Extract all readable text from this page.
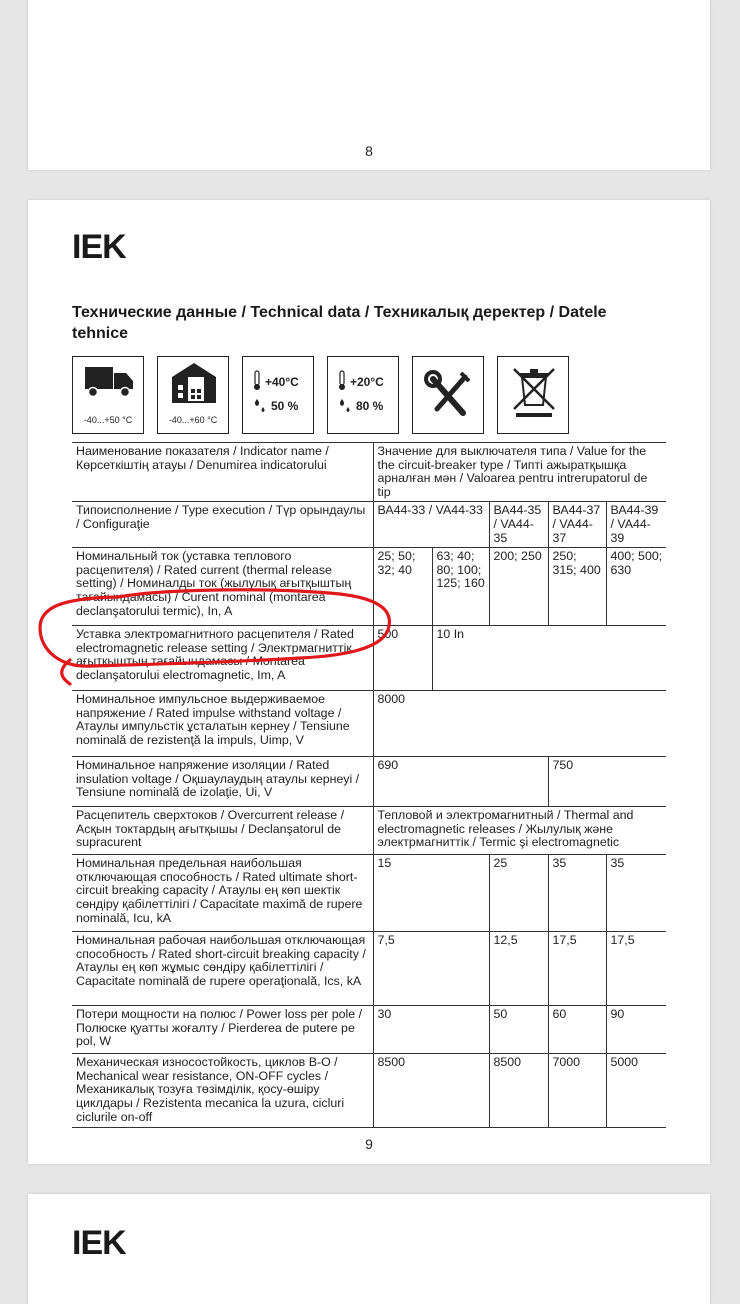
8
IEK
Технические данные / Technical data / Техникалық деректер / Datele tehnice
-40...+50 °C	-40...+60 °C
+40°C
50 %
+20°C
80 %
Наименование показателя / Indicator name / Көрсеткіштің атауы / Denumirea indicatorului	Значение для выключателя типа / Value for the the circuit-breaker type / Типті ажыратқышқа арналған мән / Valoarea pentru intrerupatorul de tip				
Типоисполнение / Type execution / Түр орындаулы / Configuraţie	ВА44-33 / VA44-33		ВА44-35 / VA44-35	ВА44-37 / VA44-37	ВА44-39 / VA44-39
Номинальный ток (уставка теплового расцепителя) / Rated current (thermal release setting) / Номиналды ток (жылулық ағытқыштың тағайындамасы) / Curent nominal (montarea declanşatorului termic), In, A	25; 50; 32; 40	63; 40; 80; 100; 125; 160	200; 250	250; 315; 400	400; 500; 630
Уставка электромагнитного расцепителя / Rated electromagnetic release setting / Электрмагниттік ағытқыштың тағайындамасы / Montarea declanşatorului electromagnetic, Im, A	500	10 In			
Номинальное импульсное выдерживаемое напряжение / Rated impulse withstand voltage / Атаулы импульстік ұсталатын кернеу / Tensiune nominală de rezistenţă la impuls, Uimp, V	8000				
Номинальное напряжение изоляции / Rated insulation voltage / Оқшаулаудың атаулы кернеуі / Tensiune nominală de izolaţie, Ui, V	690			750	
Расцепитель сверхтоков / Overcurrent release / Асқын токтардың ағытқышы / Declanşatorul de supracurent	Тепловой и электромагнитный / Thermal and electromagnetic releases / Жылулық және электрмагниттік / Termic şi electromagnetic				
Номинальная предельная наибольшая отключающая способность / Rated ultimate short-circuit breaking capacity / Атаулы ең көп шектік сөндіру қабілеттілігі / Capacitate maximă de rupere nominală, Icu, kA	15		25	35	35
Номинальная рабочая наибольшая отключающая способность / Rated short-circuit breaking capacity / Атаулы ең көп жұмыс сөндіру қабілеттілігі / Capacitate nominală de rupere operaţională, Ics, kA	7,5		12,5	17,5	17,5
Потери мощности на полюс / Power loss per pole / Полюске қуатты жоғалту / Pierderea de putere pe pol, W	30		50	60	90
Механическая износостойкость, циклов В-О / Mechanical wear resistance, ON-OFF cycles / Механикалық тозуға төзімділік, қосу-өшіру циклдары / Rezistenta mecanica la uzura, cicluri ciclurile on-off	8500		8500	7000	5000
9
IEK
